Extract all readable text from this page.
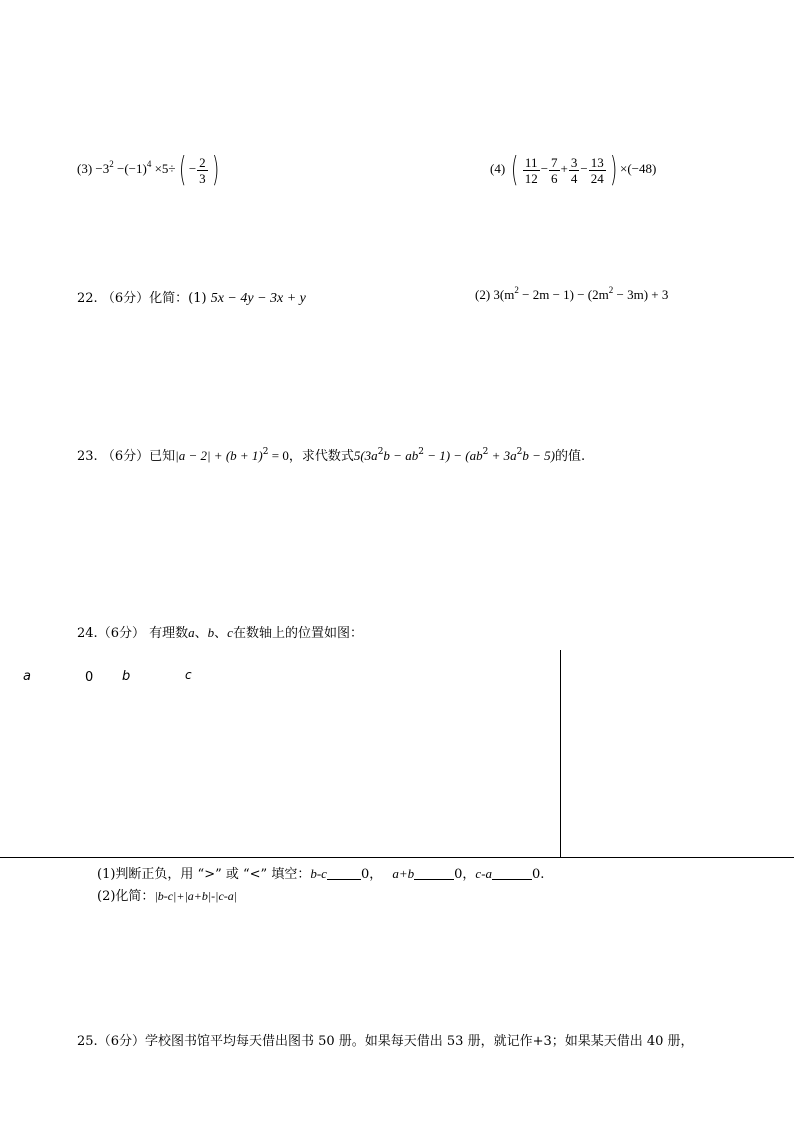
$(3) -3^2 -(-1)^4 \times 5\div( - \frac{2}{3}$ )	(4) ( $\frac{11}{12} - \frac{7}{6} + \frac{3}{4} - \frac{13}{24}$ ) ×(−48)
22. （6分）化简：(1) 5x − 4y − 3x + y	(2) $3(m^2 - 2m - 1) - (2m^2 - 3m) + 3$
23. （6分）已知$|a - 2| + (b + 1)^2 = 0$，求代数式$5(3a^2b - ab^2 - 1) - (ab^2 + 3a^2b - 5)$的值.
24.（6分） 有理数a、b、c在数轴上的位置如图：
a	0 b	c
(1)判断正负，用 “>” 或 “<” 填空：b-c	0， a+b	0，c-a	0.
(2)化简：|b-c|+|a+b|-|c-a|
25.（6分）学校图书馆平均每天借出图书 50 册。如果每天借出 53 册，就记作+3；如果某天借出 40 册，
